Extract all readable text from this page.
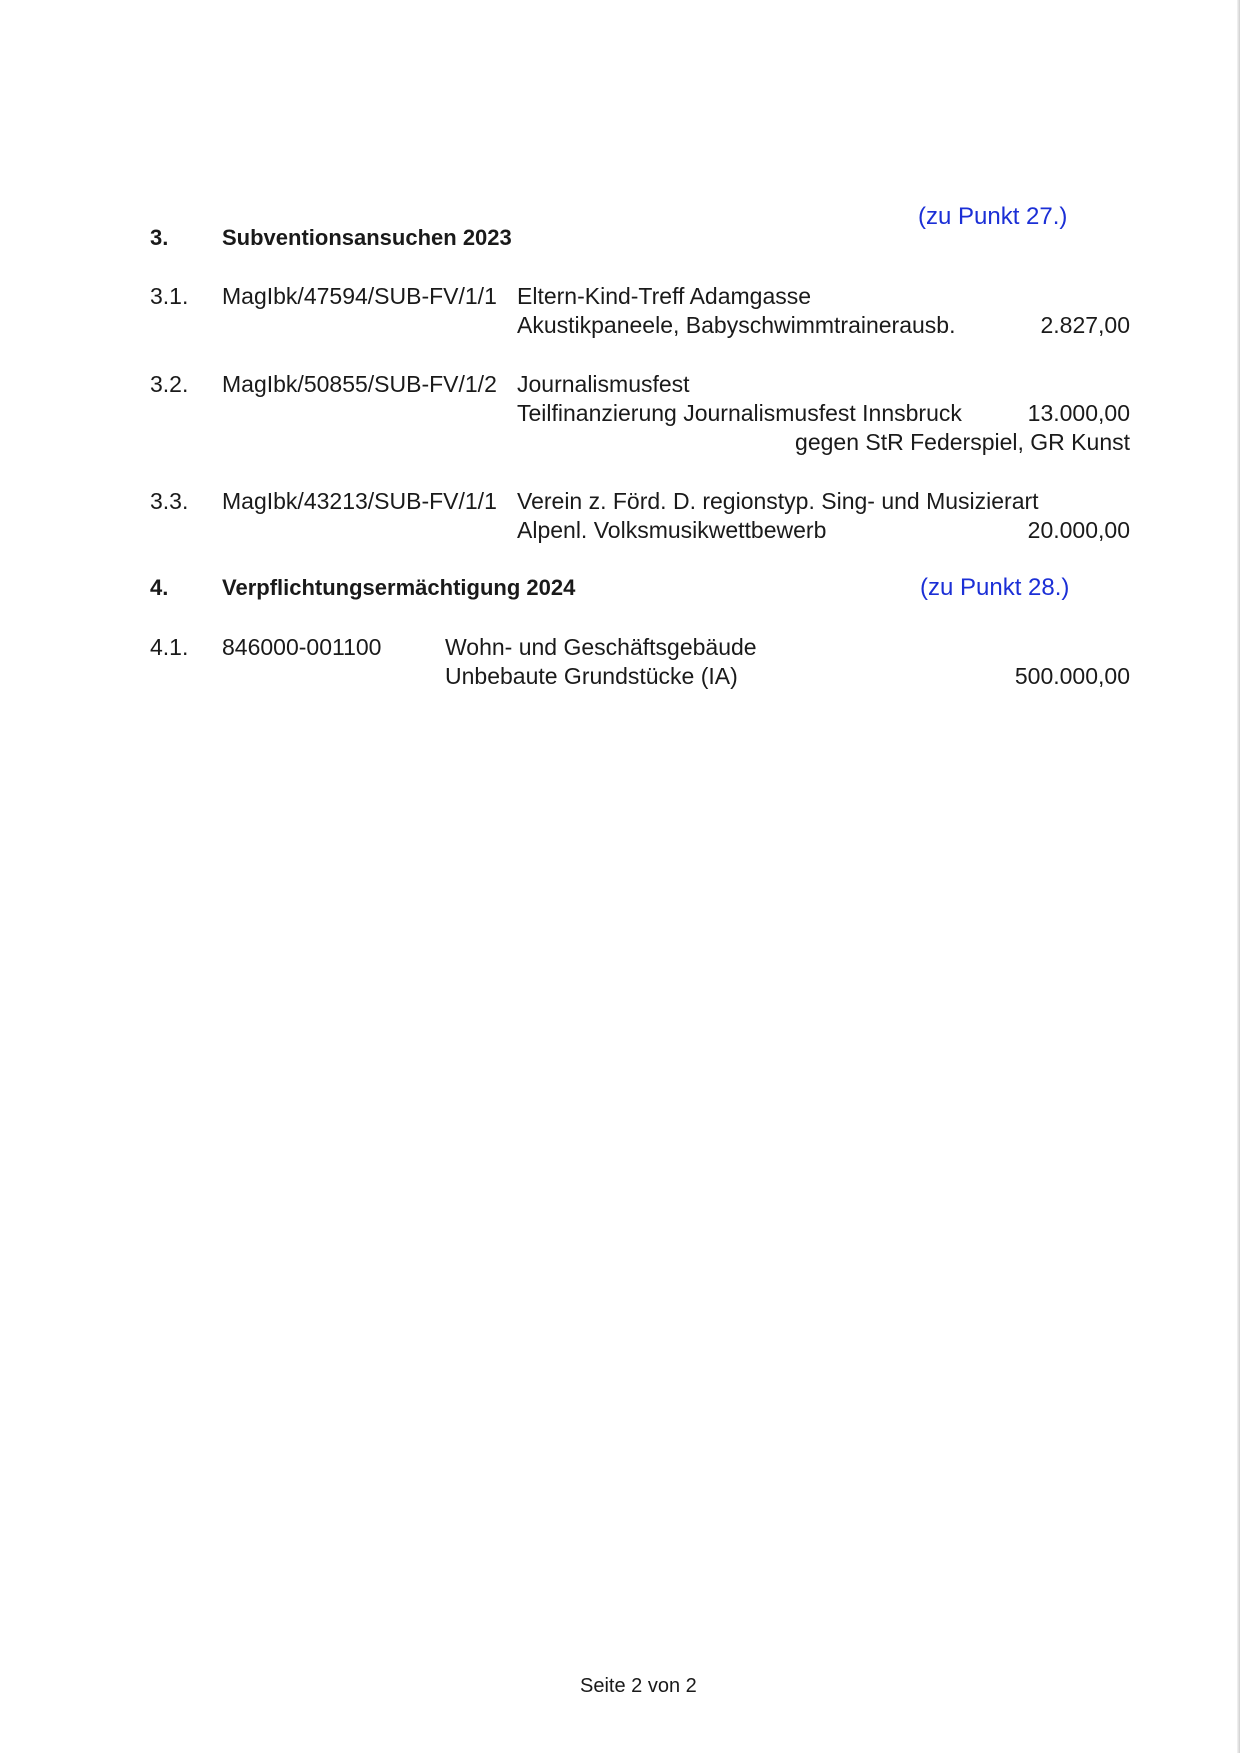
(zu Punkt 27.)
3. Subventionsansuchen 2023
3.1. MagIbk/47594/SUB-FV/1/1 Eltern-Kind-Treff Adamgasse
Akustikpaneele, Babyschwimmtrainerausb.	2.827,00
3.2. MagIbk/50855/SUB-FV/1/2 Journalismusfest
Teilfinanzierung Journalismusfest Innsbruck	13.000,00
gegen StR Federspiel, GR Kunst
3.3. MagIbk/43213/SUB-FV/1/1 Verein z. Förd. D. regionstyp. Sing- und Musizierart
Alpenl. Volksmusikwettbewerb	20.000,00
4. Verpflichtungsermächtigung 2024	(zu Punkt 28.)
4.1. 846000-001100	Wohn- und Geschäftsgebäude
Unbebaute Grundstücke (IA)	500.000,00
Seite 2 von 2
